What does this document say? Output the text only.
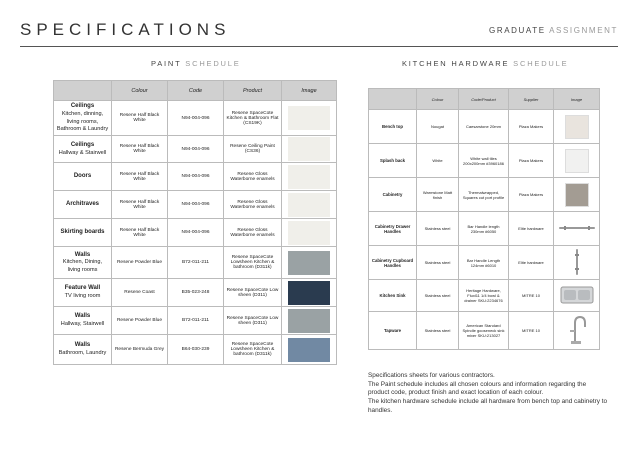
SPECIFICATIONS	GRADUATE ASSIGNMENT
PAINT SCHEDULE	KITCHEN HARDWARE SCHEDULE
	Colour	Code	Product	Image
Ceilings
Kitchen, dinning, living rooms, Bathroom & Laundry	Resene Half Black White	N94-004-096	Resene SpaceCote Kitchen & Bathroom Flat (CS19K)	

Ceilings
Hallway & Stairwell	Resene Half Black White	N94-004-096	Resene Ceiling Paint (CS36)	

Doors	Resene Half Black White	N94-004-096	Resene Gloss Waterborne enamels	

Architraves	Resene Half Black White	N94-004-096	Resene Gloss Waterborne enamels	

Skirting boards	Resene Half Black White	N94-004-096	Resene Gloss Waterborne enamels	

Walls
Kitchen, Dining, living rooms	Resene Powder Blue	B72-011-211	Resene SpaceCote Lowsheen Kitchen & bathroom (D311k)	

Feature Wall
TV living room	Resene Coast	B35-023-248	Resene SpaceCote Low sheen (D311)	

Walls
Hallway, Stairwell	Resene Powder Blue	B72-011-211	Resene SpaceCote Low sheen (D311)	

Walls
Bathroom, Laundry	Resene Bermuda Grey	B64-030-239	Resene SpaceCote Lowsheen Kitchen & bathroom (D311k)	
	Colour	Code/Product	Supplier	Image
Bench top	Nougat	Caesarstone 20mm	Plaza Makers	

Splash back	White	White wall tiles 200x200mm #3960186	Plaza Makers	

Cabinetry	Warmstone Matt finish	Thermalwrapped, Squares cut port profile	Plaza Makers	

Cabinetry Drawer Handles	Stainless steel	Bar Handle length 230mm #6050	Elite hardware	
Cabinetry Cupboard Handles	Stainless steel	Bar Handle Length 124mm #6010	Elite hardware	
Kitchen Sink	Stainless steel	Heritage Hardware, Fluxl11 1/4 bowl & drainer SKU:2234676	MITRE 10	
Tapware	Stainless steel	American Standard Spindle gooseneck sink mixer SKU:213027	MITRE 10	
Specifications sheets for various contractors.
The Paint schedule includes all chosen colours and information regarding the product code, product finish and exact location of each colour.
The kitchen hardware schedule include all hardware from bench top and cabinetry to handles.
